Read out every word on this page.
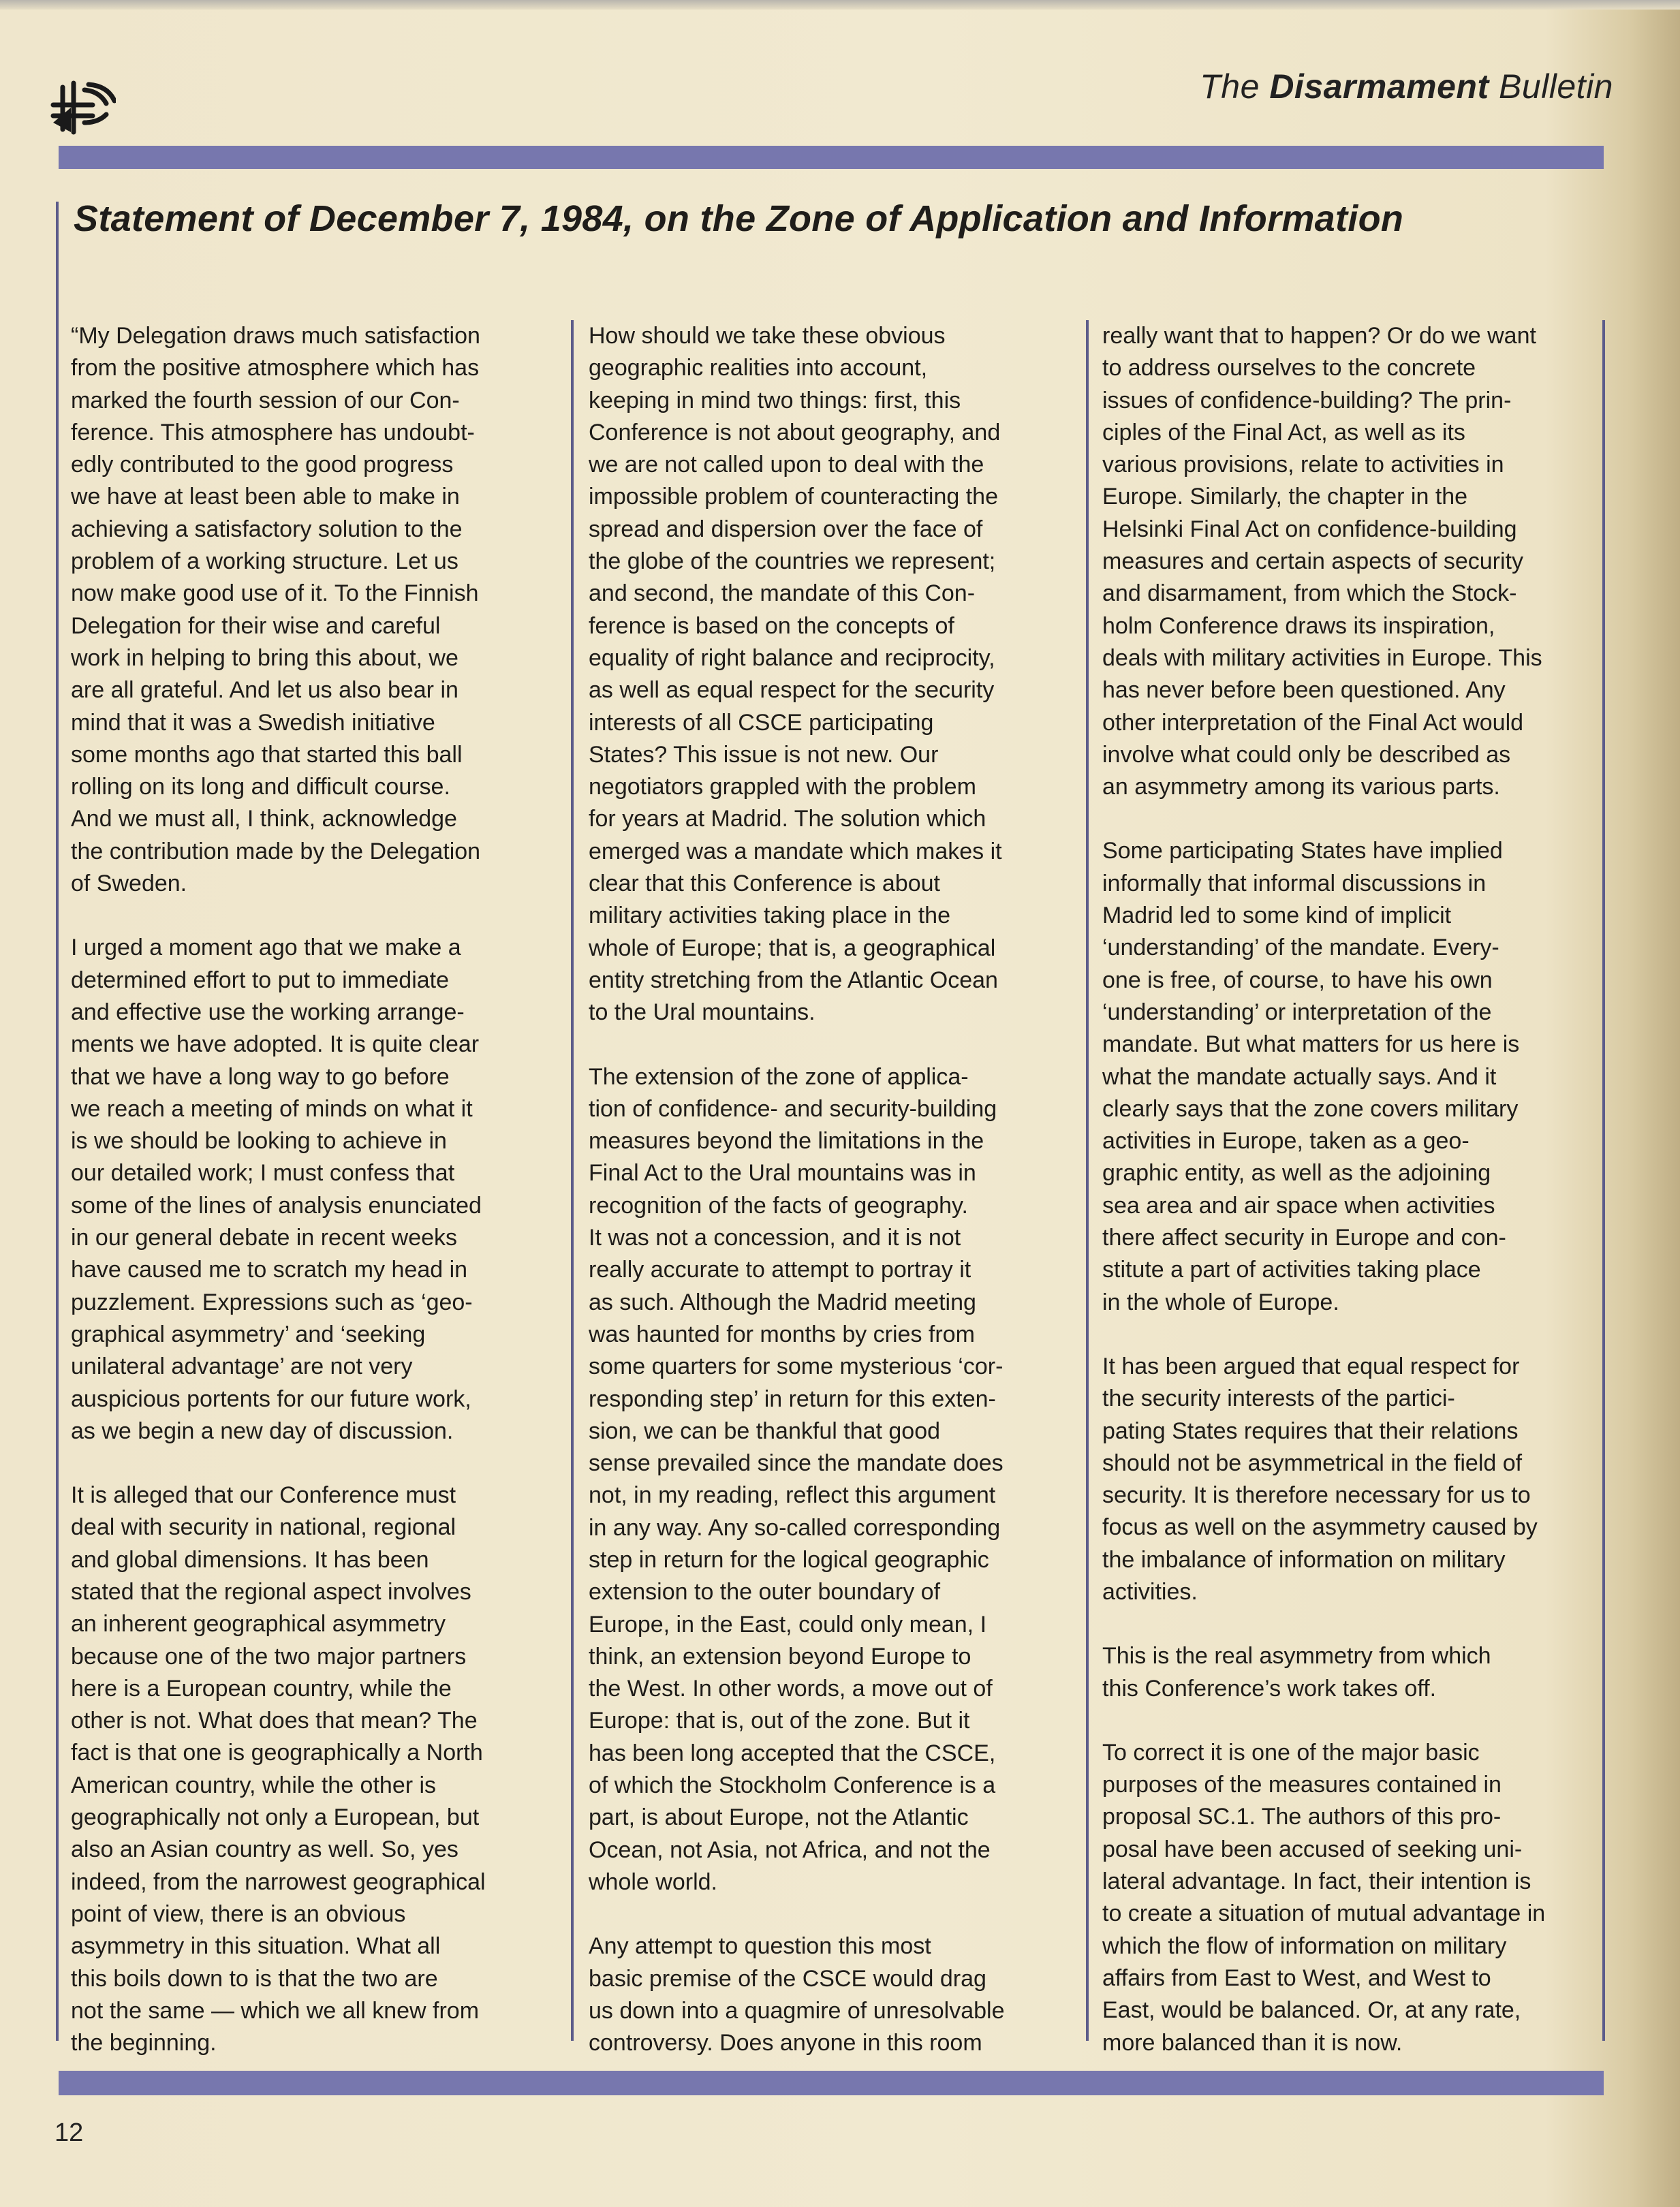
The Disarmament Bulletin
Statement of December 7, 1984, on the Zone of Application and Information

“My Delegation draws much satisfaction
from the positive atmosphere which has
marked the fourth session of our Con-
ference. This atmosphere has undoubt-
edly contributed to the good progress
we have at least been able to make in
achieving a satisfactory solution to the
problem of a working structure. Let us
now make good use of it. To the Finnish
Delegation for their wise and careful
work in helping to bring this about, we
are all grateful. And let us also bear in
mind that it was a Swedish initiative
some months ago that started this ball
rolling on its long and difficult course.
And we must all, I think, acknowledge
the contribution made by the Delegation
of Sweden.

I urged a moment ago that we make a
determined effort to put to immediate
and effective use the working arrange-
ments we have adopted. It is quite clear
that we have a long way to go before
we reach a meeting of minds on what it
is we should be looking to achieve in
our detailed work; I must confess that
some of the lines of analysis enunciated
in our general debate in recent weeks
have caused me to scratch my head in
puzzlement. Expressions such as ‘geo-
graphical asymmetry’ and ‘seeking
unilateral advantage’ are not very
auspicious portents for our future work,
as we begin a new day of discussion.

It is alleged that our Conference must
deal with security in national, regional
and global dimensions. It has been
stated that the regional aspect involves
an inherent geographical asymmetry
because one of the two major partners
here is a European country, while the
other is not. What does that mean? The
fact is that one is geographically a North
American country, while the other is
geographically not only a European, but
also an Asian country as well. So, yes
indeed, from the narrowest geographical
point of view, there is an obvious
asymmetry in this situation. What all
this boils down to is that the two are
not the same — which we all knew from
the beginning.

How should we take these obvious
geographic realities into account,
keeping in mind two things: first, this
Conference is not about geography, and
we are not called upon to deal with the
impossible problem of counteracting the
spread and dispersion over the face of
the globe of the countries we represent;
and second, the mandate of this Con-
ference is based on the concepts of
equality of right balance and reciprocity,
as well as equal respect for the security
interests of all CSCE participating
States? This issue is not new. Our
negotiators grappled with the problem
for years at Madrid. The solution which
emerged was a mandate which makes it
clear that this Conference is about
military activities taking place in the
whole of Europe; that is, a geographical
entity stretching from the Atlantic Ocean
to the Ural mountains.

The extension of the zone of applica-
tion of confidence- and security-building
measures beyond the limitations in the
Final Act to the Ural mountains was in
recognition of the facts of geography.
It was not a concession, and it is not
really accurate to attempt to portray it
as such. Although the Madrid meeting
was haunted for months by cries from
some quarters for some mysterious ‘cor-
responding step’ in return for this exten-
sion, we can be thankful that good
sense prevailed since the mandate does
not, in my reading, reflect this argument
in any way. Any so-called corresponding
step in return for the logical geographic
extension to the outer boundary of
Europe, in the East, could only mean, I
think, an extension beyond Europe to
the West. In other words, a move out of
Europe: that is, out of the zone. But it
has been long accepted that the CSCE,
of which the Stockholm Conference is a
part, is about Europe, not the Atlantic
Ocean, not Asia, not Africa, and not the
whole world.

Any attempt to question this most
basic premise of the CSCE would drag
us down into a quagmire of unresolvable
controversy. Does anyone in this room

really want that to happen? Or do we want
to address ourselves to the concrete
issues of confidence-building? The prin-
ciples of the Final Act, as well as its
various provisions, relate to activities in
Europe. Similarly, the chapter in the
Helsinki Final Act on confidence-building
measures and certain aspects of security
and disarmament, from which the Stock-
holm Conference draws its inspiration,
deals with military activities in Europe. This
has never before been questioned. Any
other interpretation of the Final Act would
involve what could only be described as
an asymmetry among its various parts.

Some participating States have implied
informally that informal discussions in
Madrid led to some kind of implicit
‘understanding’ of the mandate. Every-
one is free, of course, to have his own
‘understanding’ or interpretation of the
mandate. But what matters for us here is
what the mandate actually says. And it
clearly says that the zone covers military
activities in Europe, taken as a geo-
graphic entity, as well as the adjoining
sea area and air space when activities
there affect security in Europe and con-
stitute a part of activities taking place
in the whole of Europe.

It has been argued that equal respect for
the security interests of the partici-
pating States requires that their relations
should not be asymmetrical in the field of
security. It is therefore necessary for us to
focus as well on the asymmetry caused by
the imbalance of information on military
activities.

This is the real asymmetry from which
this Conference’s work takes off.

To correct it is one of the major basic
purposes of the measures contained in
proposal SC.1. The authors of this pro-
posal have been accused of seeking uni-
lateral advantage. In fact, their intention is
to create a situation of mutual advantage in
which the flow of information on military
affairs from East to West, and West to
East, would be balanced. Or, at any rate,
more balanced than it is now.

12
